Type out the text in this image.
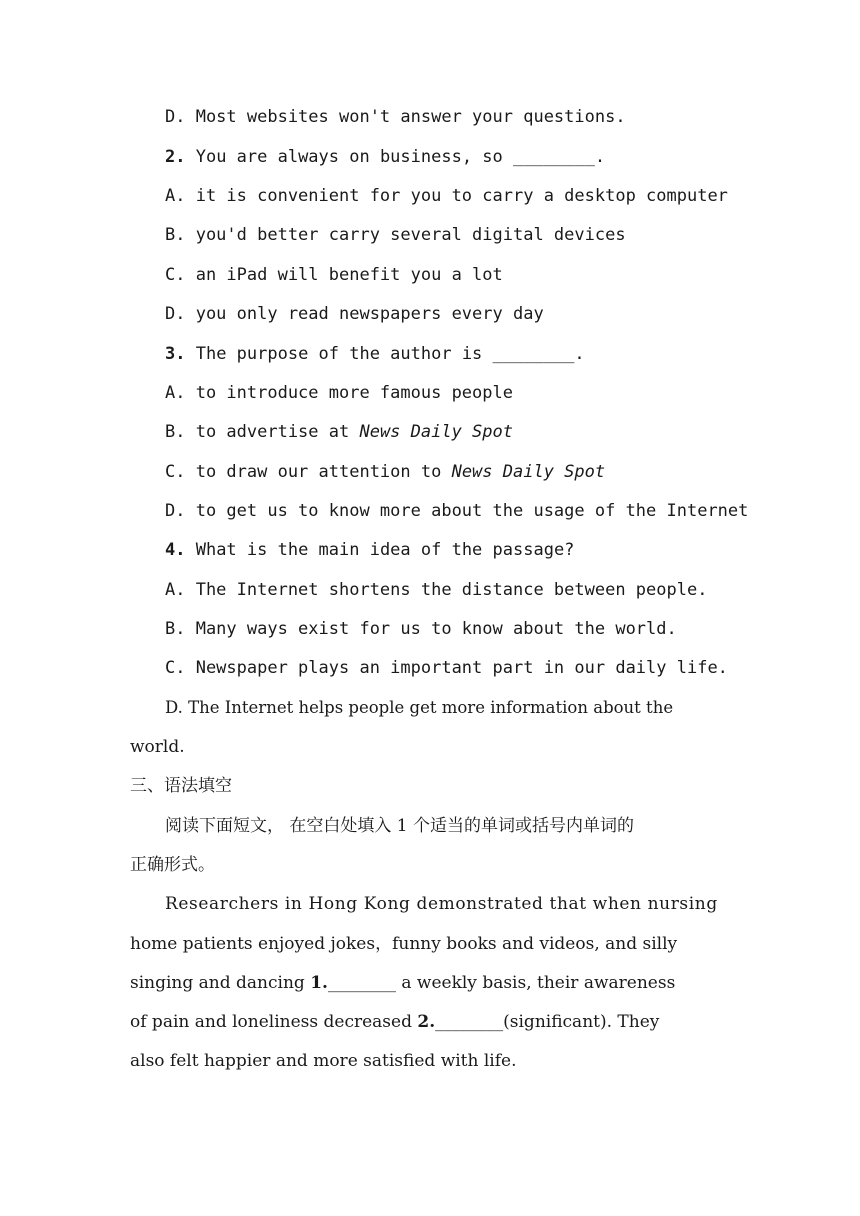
D. Most websites won't answer your questions.
2. You are always on business, so ________.
A. it is convenient for you to carry a desktop computer
B. you'd better carry several digital devices
C. an iPad will benefit you a lot
D. you only read newspapers every day
3. The purpose of the author is ________.
A. to introduce more famous people
B. to advertise at News Daily Spot
C. to draw our attention to News Daily Spot
D. to get us to know more about the usage of the Internet
4. What is the main idea of the passage?
A. The Internet shortens the distance between people.
B. Many ways exist for us to know about the world.
C. Newspaper plays an important part in our daily life.
D. The Internet helps people get more information about the
world.
三、语法填空
阅读下面短文， 在空白处填入 1 个适当的单词或括号内单词的
正确形式。
Researchers in Hong Kong demonstrated that when nursing
home patients enjoyed jokes，funny books and videos, and silly
singing and dancing 1.________ a weekly basis, their awareness
of pain and loneliness decreased 2.________(significant). They
also felt happier and more satisfied with life.
